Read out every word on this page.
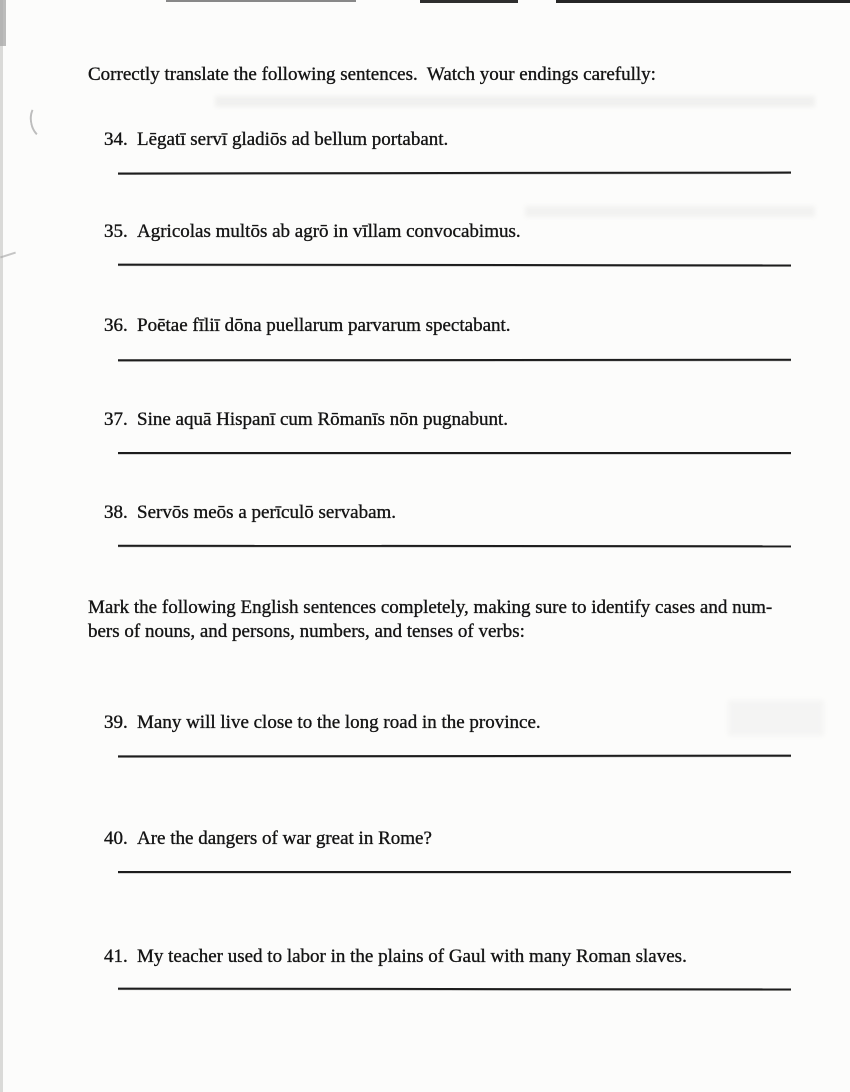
Correctly translate the following sentences.  Watch your endings carefully:

34. Lēgatī servī gladiōs ad bellum portabant.

35. Agricolas multōs ab agrō in vīllam convocabimus.

36. Poētae fīliī dōna puellarum parvarum spectabant.

37. Sine aquā Hispanī cum Rōmanīs nōn pugnabunt.

38. Servōs meōs a perīculō servabam.

Mark the following English sentences completely, making sure to identify cases and num-
bers of nouns, and persons, numbers, and tenses of verbs:

39. Many will live close to the long road in the province.

40. Are the dangers of war great in Rome?

41. My teacher used to labor in the plains of Gaul with many Roman slaves.
